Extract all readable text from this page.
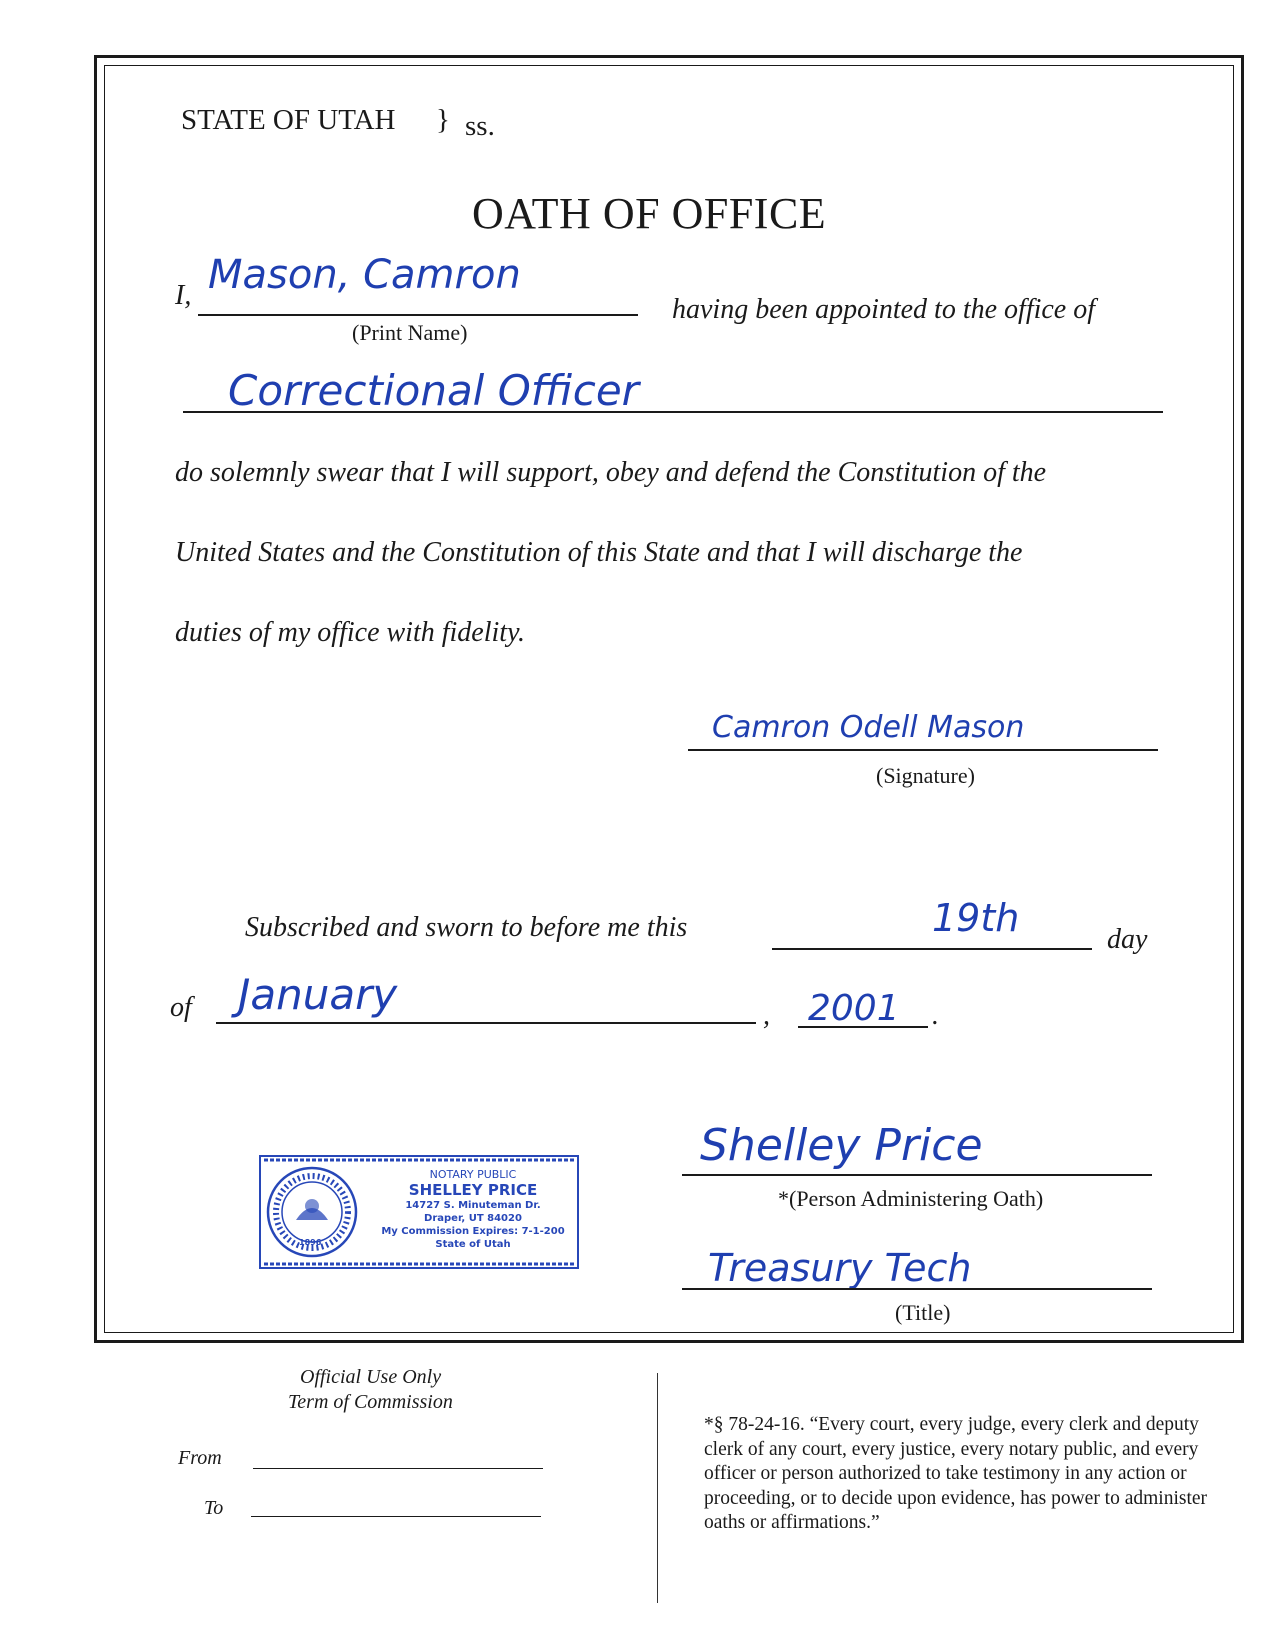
STATE OF UTAH } ss.
OATH OF OFFICE
I, Mason, Camron
(Print Name)
having been appointed to the office of
Correctional Officer
do solemnly swear that I will support, obey and defend the Constitution of the
United States and the Constitution of this State and that I will discharge the
duties of my office with fidelity.
Camron Odell Mason
(Signature)
Subscribed and sworn to before me this	19th	day
of January	, 2001 .
1896
NOTARY PUBLIC
SHELLEY PRICE
14727 S. Minuteman Dr.
Draper, UT 84020
My Commission Expires: 7-1-200
State of Utah
Shelley Price
*(Person Administering Oath)
Treasury Tech
(Title)
Official Use Only
Term of Commission
From
To
*§ 78-24-16. “Every court, every judge, every clerk and deputy clerk of any court, every justice, every notary public, and every officer or person authorized to take testimony in any action or proceeding, or to decide upon evidence, has power to administer oaths or affirmations.”
